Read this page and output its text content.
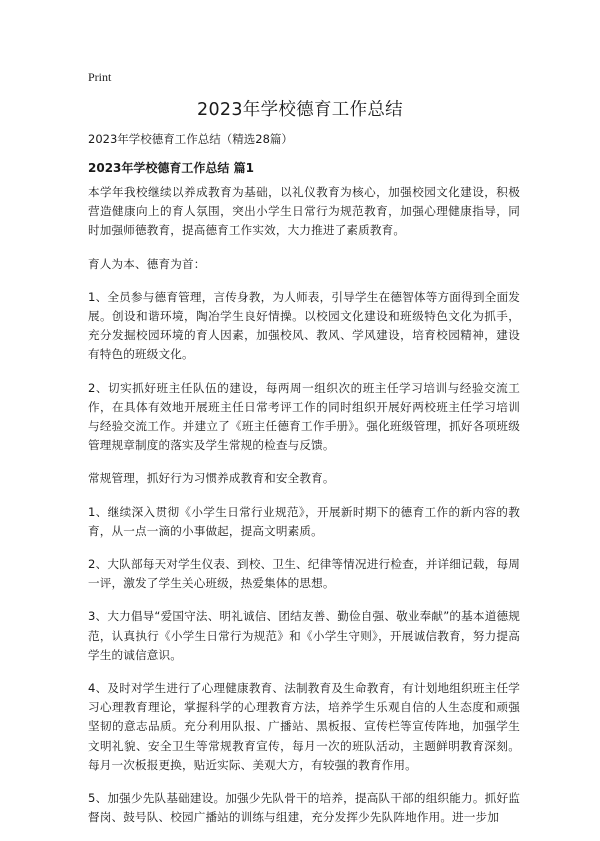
Print
2023年学校德育工作总结

2023年学校德育工作总结（精选28篇）

2023年学校德育工作总结 篇1

本学年我校继续以养成教育为基础，以礼仪教育为核心，加强校园文化建设，积极营造健康向上的育人氛围，突出小学生日常行为规范教育，加强心理健康指导，同时加强师德教育，提高德育工作实效，大力推进了素质教育。

育人为本、德育为首：

1、全员参与德育管理，言传身教，为人师表，引导学生在德智体等方面得到全面发展。创设和谐环境，陶冶学生良好情操。以校园文化建设和班级特色文化为抓手，充分发掘校园环境的育人因素，加强校风、教风、学风建设，培育校园精神，建设有特色的班级文化。

2、切实抓好班主任队伍的建设，每两周一组织次的班主任学习培训与经验交流工作，在具体有效地开展班主任日常考评工作的同时组织开展好两校班主任学习培训与经验交流工作。并建立了《班主任德育工作手册》。强化班级管理，抓好各项班级管理规章制度的落实及学生常规的检查与反馈。

常规管理，抓好行为习惯养成教育和安全教育。

1、继续深入贯彻《小学生日常行业规范》，开展新时期下的德育工作的新内容的教育，从一点一滴的小事做起，提高文明素质。

2、大队部每天对学生仪表、到校、卫生、纪律等情况进行检查，并详细记载，每周一评，激发了学生关心班级，热爱集体的思想。

3、大力倡导“爱国守法、明礼诚信、团结友善、勤俭自强、敬业奉献”的基本道德规范，认真执行《小学生日常行为规范》和《小学生守则》，开展诚信教育，努力提高学生的诚信意识。

4、及时对学生进行了心理健康教育、法制教育及生命教育，有计划地组织班主任学习心理教育理论，掌握科学的心理教育方法，培养学生乐观自信的人生态度和顽强坚韧的意志品质。充分利用队报、广播站、黑板报、宣传栏等宣传阵地，加强学生文明礼貌、安全卫生等常规教育宣传，每月一次的班队活动，主题鲜明教育深刻。每月一次板报更换，贴近实际、美观大方，有较强的教育作用。

5、加强少先队基础建设。加强少先队骨干的培养，提高队干部的组织能力。抓好监督岗、鼓号队、校园广播站的训练与组建，充分发挥少先队阵地作用。进一步加
